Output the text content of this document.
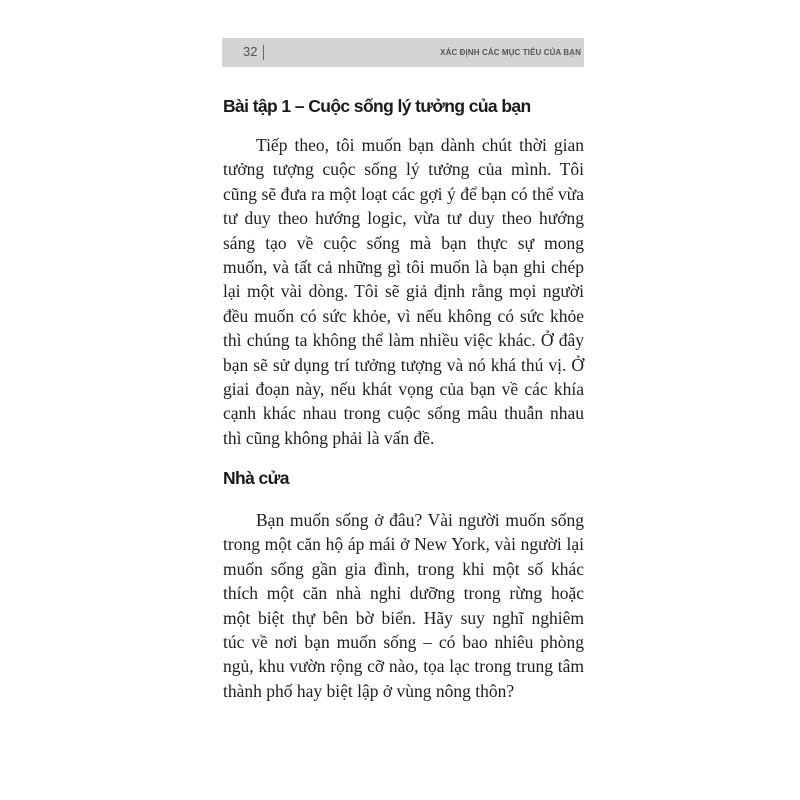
32	XÁC ĐỊNH CÁC MỤC TIÊU CỦA BẠN
Bài tập 1 – Cuộc sống lý tưởng của bạn
Tiếp theo, tôi muốn bạn dành chút thời gian
tưởng tượng cuộc sống lý tưởng của mình. Tôi
cũng sẽ đưa ra một loạt các gợi ý để bạn có thể vừa
tư duy theo hướng logic, vừa tư duy theo hướng
sáng tạo về cuộc sống mà bạn thực sự mong
muốn, và tất cả những gì tôi muốn là bạn ghi chép
lại một vài dòng. Tôi sẽ giả định rằng mọi người
đều muốn có sức khỏe, vì nếu không có sức khỏe
thì chúng ta không thể làm nhiều việc khác. Ở đây
bạn sẽ sử dụng trí tưởng tượng và nó khá thú vị. Ở
giai đoạn này, nếu khát vọng của bạn về các khía
cạnh khác nhau trong cuộc sống mâu thuẫn nhau
thì cũng không phải là vấn đề.
Nhà cửa
Bạn muốn sống ở đâu? Vài người muốn sống
trong một căn hộ áp mái ở New York, vài người lại
muốn sống gần gia đình, trong khi một số khác
thích một căn nhà nghỉ dưỡng trong rừng hoặc
một biệt thự bên bờ biển. Hãy suy nghĩ nghiêm
túc về nơi bạn muốn sống – có bao nhiêu phòng
ngủ, khu vườn rộng cỡ nào, tọa lạc trong trung tâm
thành phố hay biệt lập ở vùng nông thôn?
